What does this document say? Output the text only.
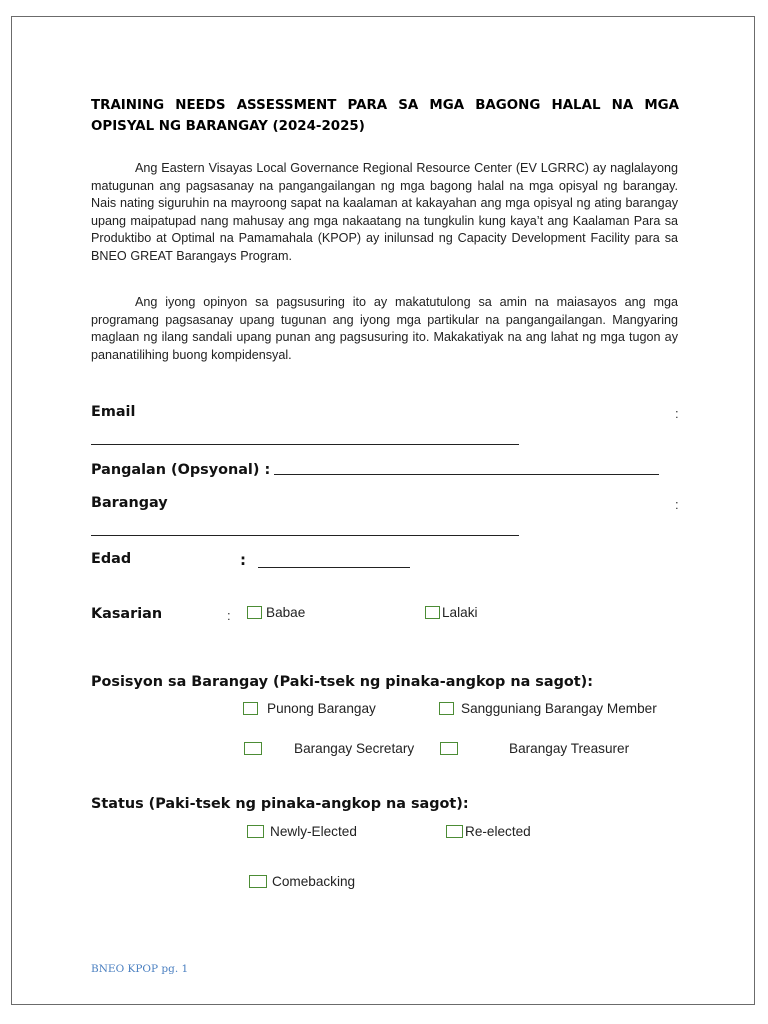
TRAINING NEEDS ASSESSMENT PARA SA MGA BAGONG HALAL NA MGA OPISYAL NG BARANGAY (2024-2025)

Ang Eastern Visayas Local Governance Regional Resource Center (EV LGRRC) ay naglalayong matugunan ang pagsasanay na pangangailangan ng mga bagong halal na mga opisyal ng barangay. Nais nating siguruhin na mayroong sapat na kaalaman at kakayahan ang mga opisyal ng ating barangay upang maipatupad nang mahusay ang mga nakaatang na tungkulin kung kaya’t ang Kaalaman Para sa Produktibo at Optimal na Pamamahala (KPOP) ay inilunsad ng Capacity Development Facility para sa BNEO GREAT Barangays Program.

Ang iyong opinyon sa pagsusuring ito ay makatutulong sa amin na maiasayos ang mga programang pagsasanay upang tugunan ang iyong mga partikular na pangangailangan. Mangyaring maglaan ng ilang sandali upang punan ang pagsusuring ito. Makakatiyak na ang lahat ng mga tugon ay pananatilihing buong kompidensyal.

Email	:
Pangalan (Opsyonal) :
Barangay	:
Edad	:
Kasarian	:	Babae	Lalaki
Posisyon sa Barangay (Paki-tsek ng pinaka-angkop na sagot):
Punong Barangay	Sangguniang Barangay Member
Barangay Secretary	Barangay Treasurer
Status (Paki-tsek ng pinaka-angkop na sagot):
Newly-Elected	Re-elected
Comebacking
BNEO KPOP pg. 1
